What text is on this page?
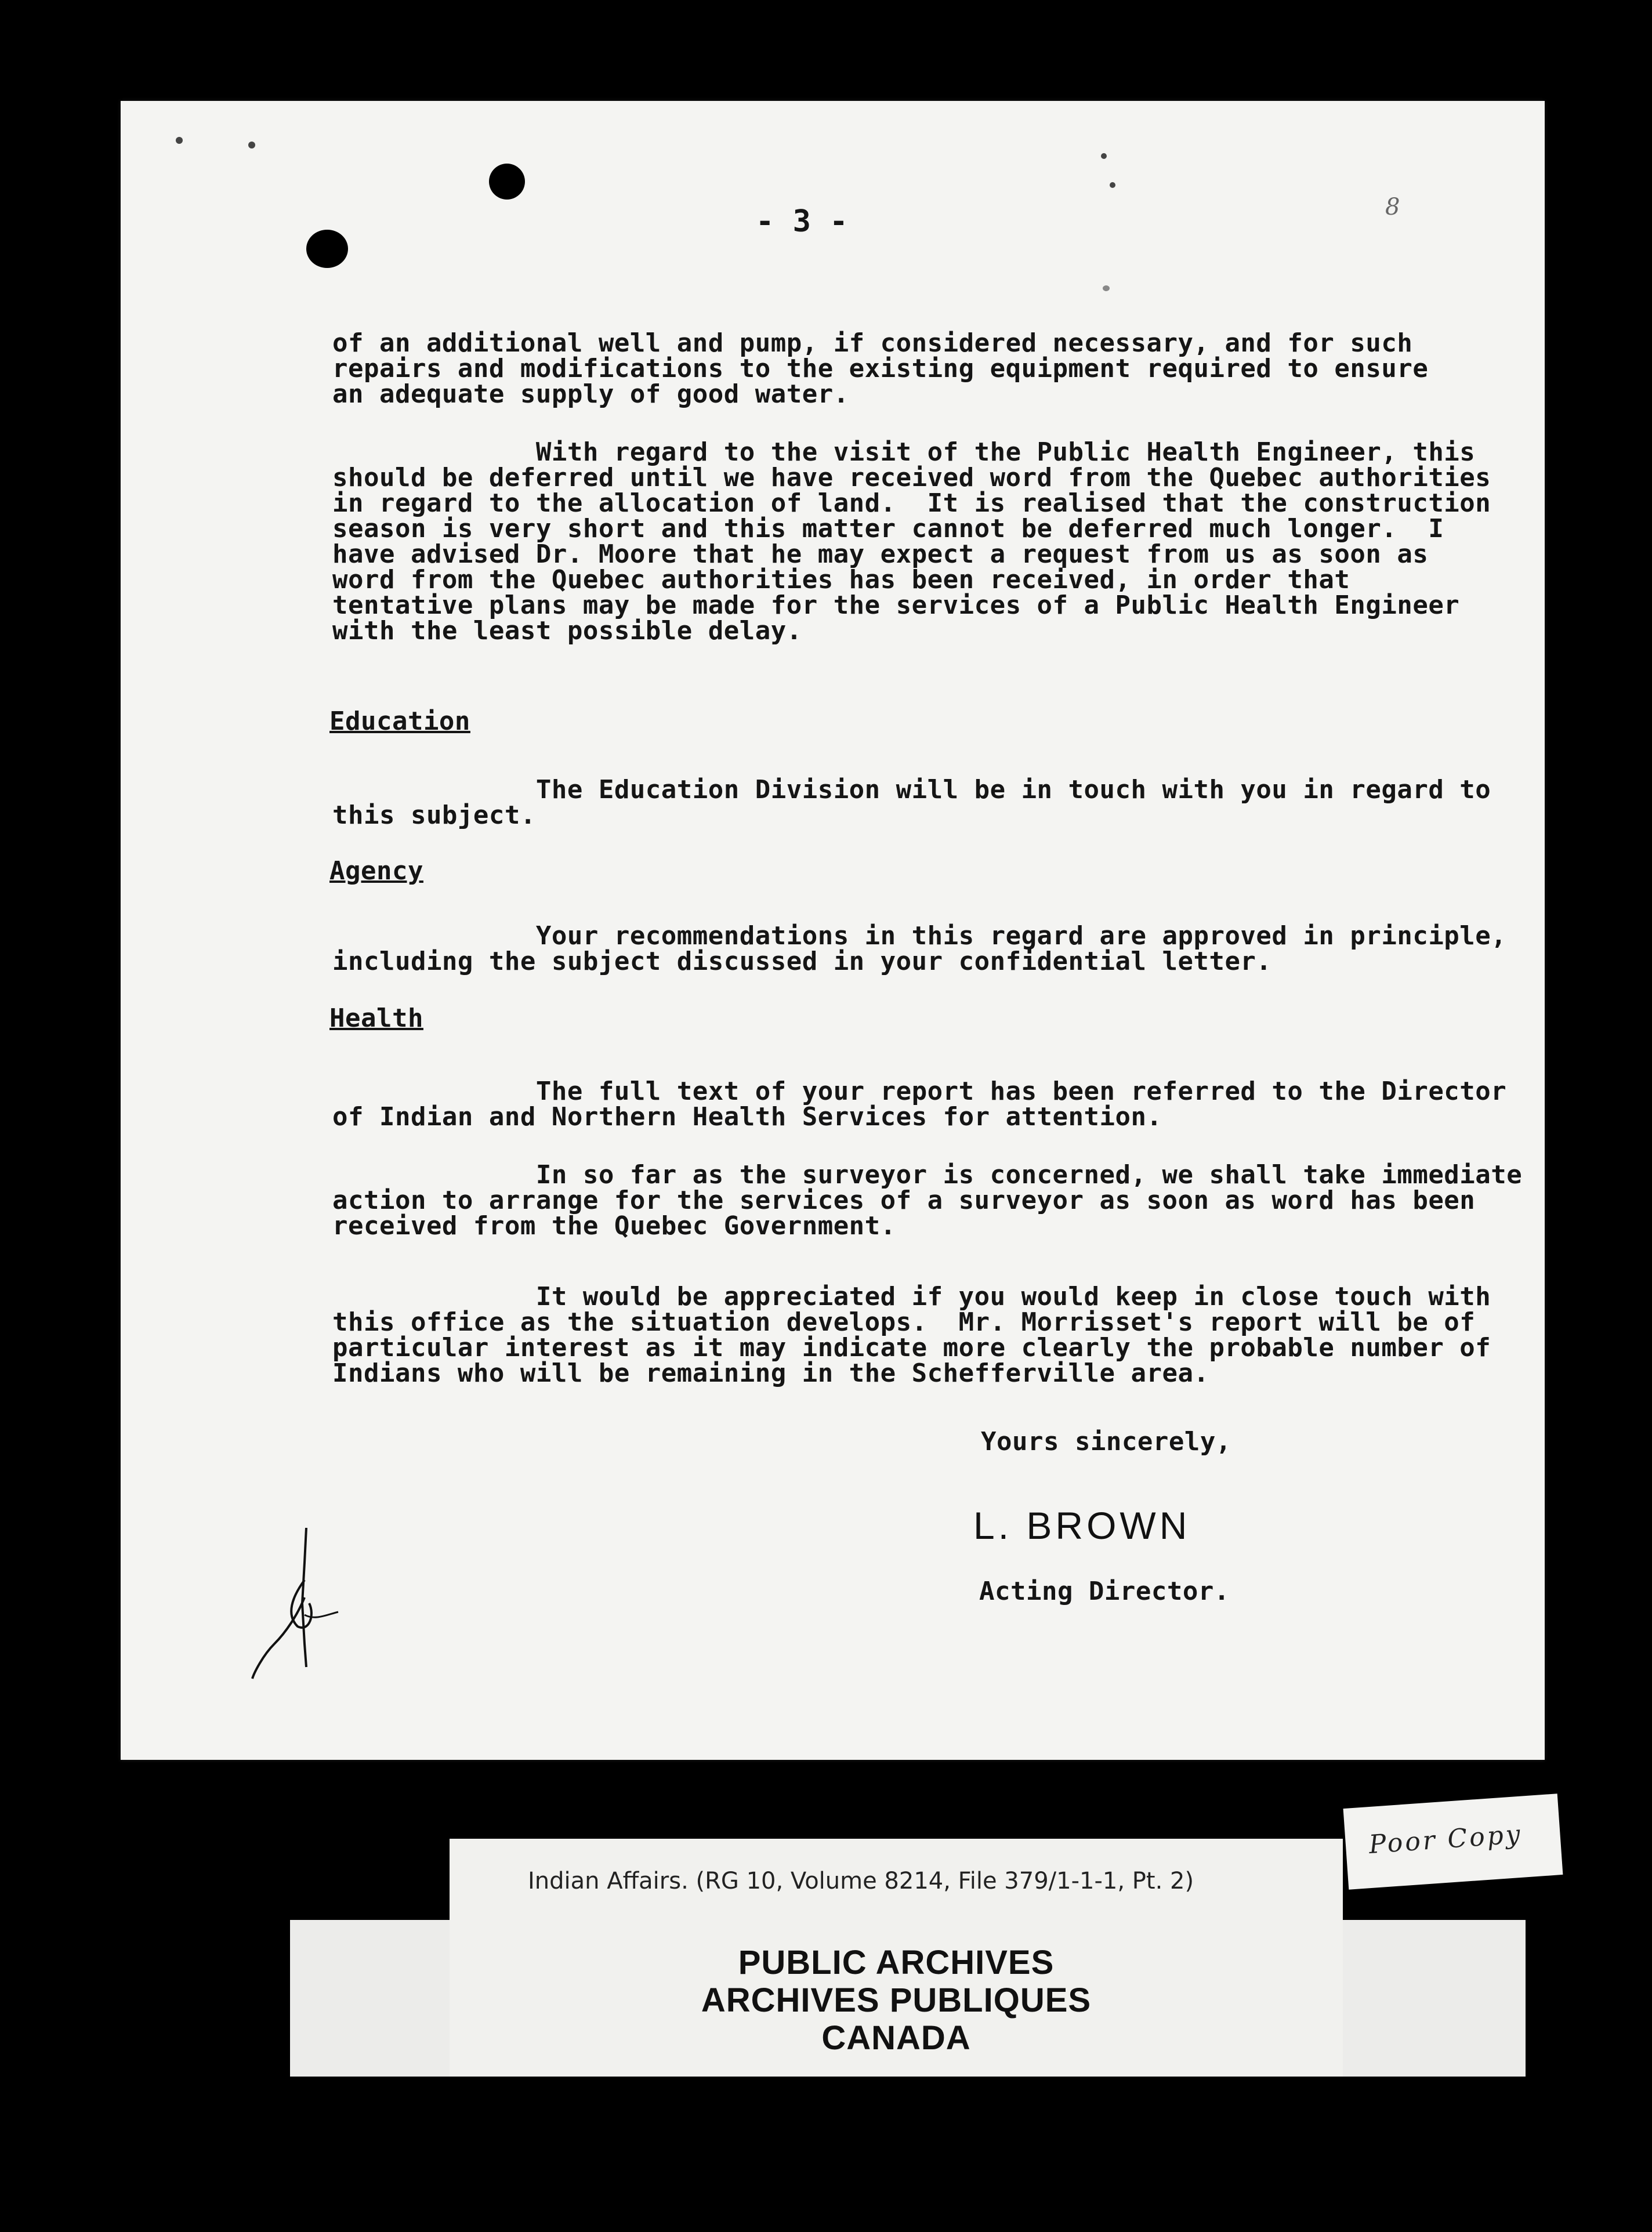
- 3 -	8
of an additional well and pump, if considered necessary, and for such
repairs and modifications to the existing equipment required to ensure
an adequate supply of good water.
With regard to the visit of the Public Health Engineer, this
should be deferred until we have received word from the Quebec authorities
in regard to the allocation of land.  It is realised that the construction
season is very short and this matter cannot be deferred much longer.  I
have advised Dr. Moore that he may expect a request from us as soon as
word from the Quebec authorities has been received, in order that
tentative plans may be made for the services of a Public Health Engineer
with the least possible delay.
Education
The Education Division will be in touch with you in regard to
this subject.
Agency
Your recommendations in this regard are approved in principle,
including the subject discussed in your confidential letter.
Health
The full text of your report has been referred to the Director
of Indian and Northern Health Services for attention.
In so far as the surveyor is concerned, we shall take immediate
action to arrange for the services of a surveyor as soon as word has been
received from the Quebec Government.
It would be appreciated if you would keep in close touch with
this office as the situation develops.  Mr. Morrisset's report will be of
particular interest as it may indicate more clearly the probable number of
Indians who will be remaining in the Schefferville area.
Yours sincerely,
L. BROWN
Acting Director.
Indian Affairs. (RG 10, Volume 8214, File 379/1-1-1, Pt. 2)
Poor Copy
PUBLIC ARCHIVES
ARCHIVES PUBLIQUES
CANADA
